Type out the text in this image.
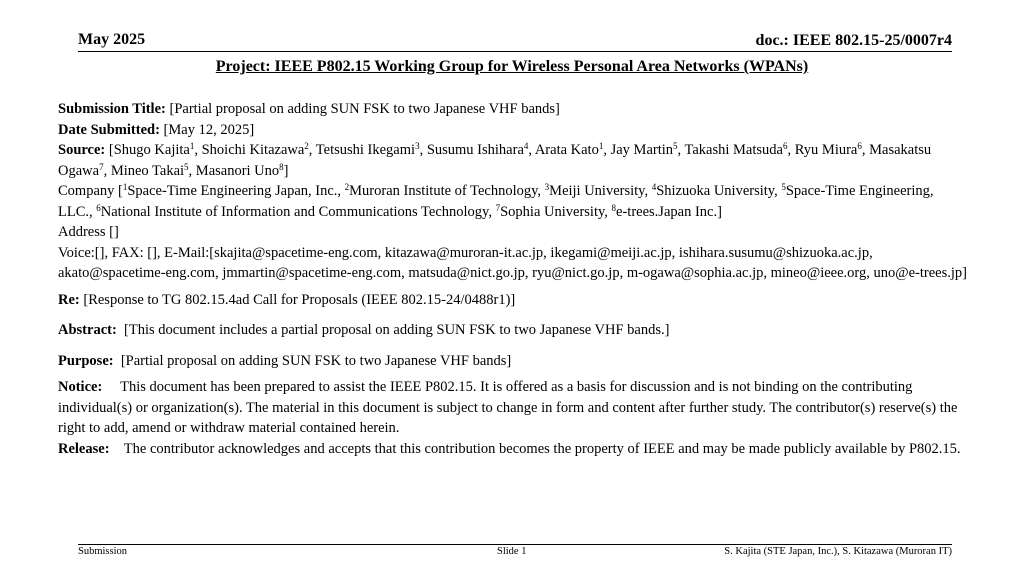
May 2025	doc.: IEEE 802.15-25/0007r4
Project: IEEE P802.15 Working Group for Wireless Personal Area Networks (WPANs)

Submission Title: [Partial proposal on adding SUN FSK to two Japanese VHF bands]

Date Submitted: [May 12, 2025]

Source: [Shugo Kajita$^1$, Shoichi Kitazawa$^2$, Tetsushi Ikegami$^3$, Susumu Ishihara$^4$, Arata Kato$^1$, Jay Martin$^5$, Takashi Matsuda$^6$, Ryu Miura$^6$, Masakatsu Ogawa$^7$, Mineo Takai$^5$, Masanori Uno$^8$]

Company [$^1$Space-Time Engineering Japan, Inc., $^2$Muroran Institute of Technology, $^3$Meiji University, $^4$Shizuoka University, $^5$Space-Time Engineering, LLC., $^6$National Institute of Information and Communications Technology, $^7$Sophia University, $^8$e-trees.Japan Inc.]

Address []

Voice:[], FAX: [], E-Mail:[skajita@spacetime-eng.com, kitazawa@muroran-it.ac.jp, ikegami@meiji.ac.jp, ishihara.susumu@shizuoka.ac.jp, akato@spacetime-eng.com, jmmartin@spacetime-eng.com, matsuda@nict.go.jp, ryu@nict.go.jp, m-ogawa@sophia.ac.jp, mineo@ieee.org, uno@e-trees.jp]

Re: [Response to TG 802.15.4ad Call for Proposals (IEEE 802.15-24/0488r1)]

Abstract: [This document includes a partial proposal on adding SUN FSK to two Japanese VHF bands.]

Purpose: [Partial proposal on adding SUN FSK to two Japanese VHF bands]

Notice: This document has been prepared to assist the IEEE P802.15. It is offered as a basis for discussion and is not binding on the contributing individual(s) or organization(s). The material in this document is subject to change in form and content after further study. The contributor(s) reserve(s) the right to add, amend or withdraw material contained herein.

Release: The contributor acknowledges and accepts that this contribution becomes the property of IEEE and may be made publicly available by P802.15.

Submission	Slide 1	S. Kajita (STE Japan, Inc.), S. Kitazawa (Muroran IT)
